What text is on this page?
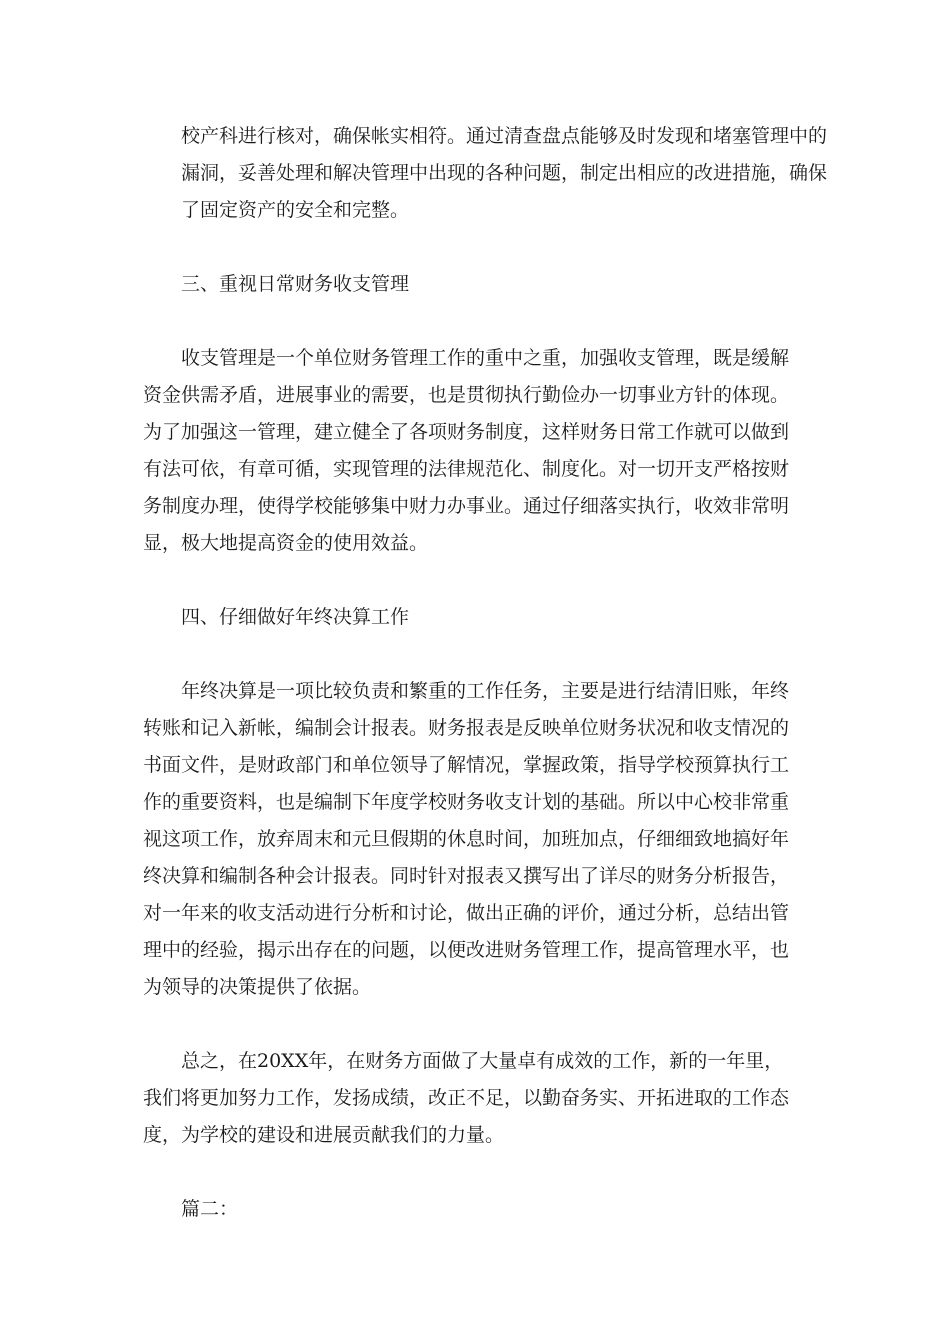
校产科进行核对，确保帐实相符。通过清查盘点能够及时发现和堵塞管理中的
漏洞，妥善处理和解决管理中出现的各种问题，制定出相应的改进措施，确保
了固定资产的安全和完整。
三、重视日常财务收支管理
收支管理是一个单位财务管理工作的重中之重，加强收支管理，既是缓解
资金供需矛盾，进展事业的需要，也是贯彻执行勤俭办一切事业方针的体现。
为了加强这一管理，建立健全了各项财务制度，这样财务日常工作就可以做到
有法可依，有章可循，实现管理的法律规范化、制度化。对一切开支严格按财
务制度办理，使得学校能够集中财力办事业。通过仔细落实执行，收效非常明
显，极大地提高资金的使用效益。
四、仔细做好年终决算工作
年终决算是一项比较负责和繁重的工作任务，主要是进行结清旧账，年终
转账和记入新帐，编制会计报表。财务报表是反映单位财务状况和收支情况的
书面文件，是财政部门和单位领导了解情况，掌握政策，指导学校预算执行工
作的重要资料，也是编制下年度学校财务收支计划的基础。所以中心校非常重
视这项工作，放弃周末和元旦假期的休息时间，加班加点，仔细细致地搞好年
终决算和编制各种会计报表。同时针对报表又撰写出了详尽的财务分析报告，
对一年来的收支活动进行分析和讨论，做出正确的评价，通过分析，总结出管
理中的经验，揭示出存在的问题，以便改进财务管理工作，提高管理水平，也
为领导的决策提供了依据。
总之，在20XX年，在财务方面做了大量卓有成效的工作，新的一年里，
我们将更加努力工作，发扬成绩，改正不足，以勤奋务实、开拓进取的工作态
度，为学校的建设和进展贡献我们的力量。
篇二：
